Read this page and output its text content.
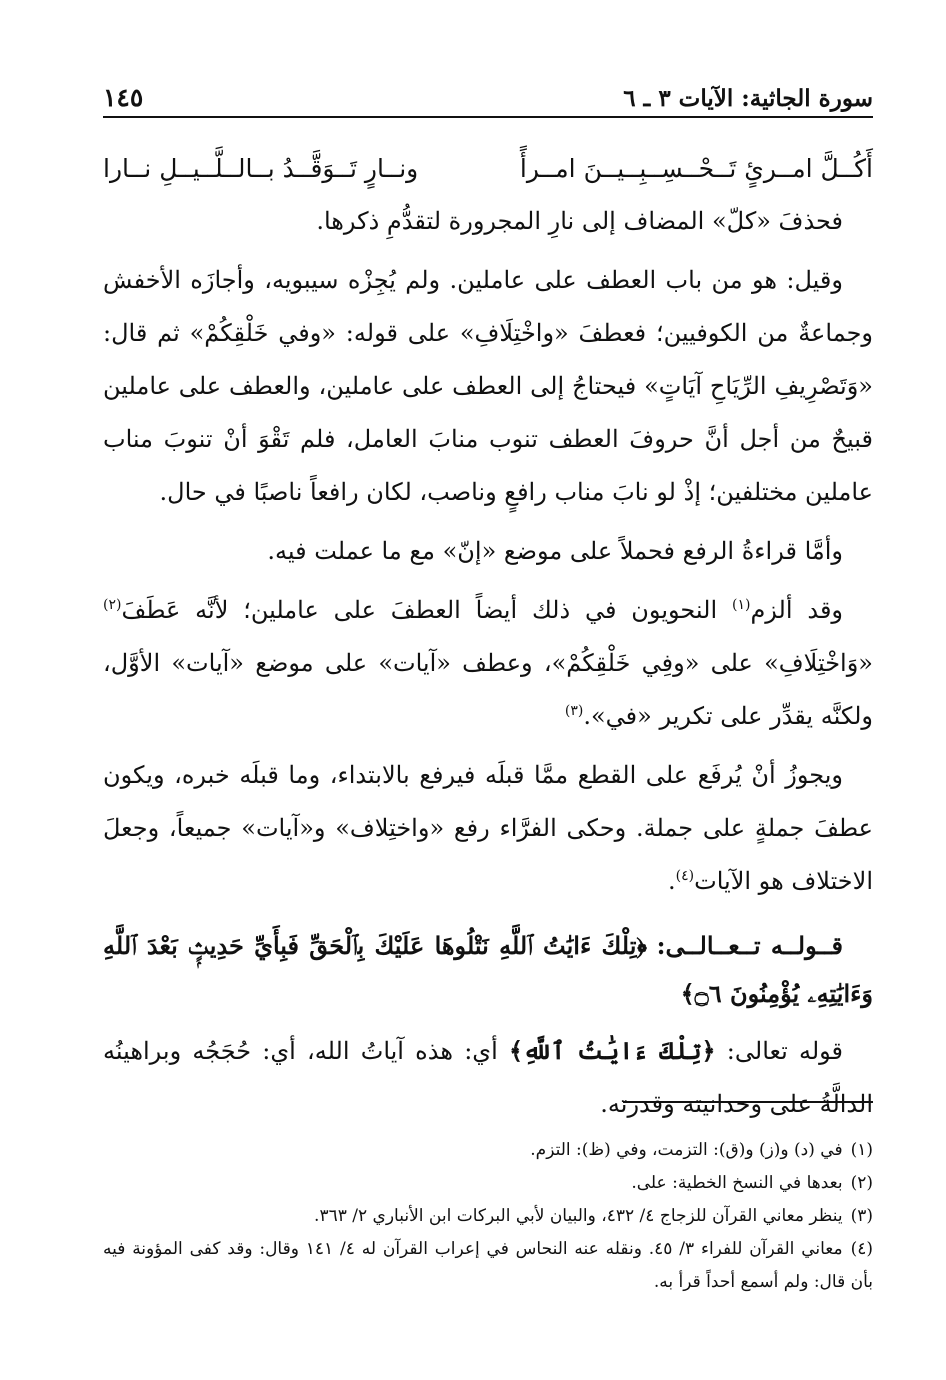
سورة الجاثية: الآيات ٣ ـ ٦
١٤٥
أَكُــلَّ امــرئٍ تَــحْــسِــبِــيــنَ امــرأً
ونــارٍ تَــوَقَّــدُ بــالــلَّــيــلِ نــارا

فحذفَ «كلّ» المضاف إلى نارِ المجرورة لتقدُّمِ ذكرها.

وقيل: هو من باب العطف على عاملين. ولم يُجِزْه سيبويه، وأجازَه الأخفش وجماعةٌ من الكوفيين؛ فعطفَ «واخْتِلَافِ» على قوله: «وفي خَلْقِكُمْ» ثم قال: «وَتَصْرِيفِ الرِّيَاحِ آيَاتٍ» فيحتاجُ إلى العطف على عاملين، والعطف على عاملين قبيحٌ من أجل أنَّ حروفَ العطف تنوب منابَ العامل، فلم تَقْوَ أنْ تنوبَ مناب عاملين مختلفين؛ إذْ لو نابَ مناب رافعٍ وناصب، لكان رافعاً ناصبًا في حال.

وأمَّا قراءةُ الرفع فحملاً على موضع «إنّ» مع ما عملت فيه.

وقد ألزم$^{(١)}$ النحويون في ذلك أيضاً العطفَ على عاملين؛ لأنَّه عَطَفَ$^{(٢)}$ «وَاخْتِلَافِ» على «وفِي خَلْقِكُمْ»، وعطف «آيات» على موضع «آيات» الأوَّل، ولكنَّه يقدِّر على تكرير «في».$^{(٣)}$

ويجوزُ أنْ يُرفَع على القطع ممَّا قبلَه فيرفع بالابتداء، وما قبلَه خبره، ويكون عطفَ جملةٍ على جملة. وحكى الفرَّاء رفع «واختِلاف» و«آيات» جميعاً، وجعلَ الاختلاف هو الآيات$^{(٤)}$.

قــولــه تــعــالــى: ﴿تِلْكَ ءَايَٰتُ ٱللَّهِ نَتْلُوهَا عَلَيْكَ بِٱلْحَقِّ فَبِأَيِّ حَدِيثٍۭ بَعْدَ ٱللَّهِ وَءَايَٰتِهِۦ يُؤْمِنُونَ ۝٦﴾

قوله تعالى: ﴿تِلْكَ ءَايَٰتُ ٱللَّهِ﴾ أي: هذه آياتُ الله، أي: حُجَجُه وبراهينُه الدالَّةُ على وحدانيته وقدرته.

(١)في (د) و(ز) و(ق): التزمت، وفي (ظ): التزم.

(٢)بعدها في النسخ الخطية: على.

(٣)ينظر معاني القرآن للزجاج ٤/ ٤٣٢، والبيان لأبي البركات ابن الأنباري ٢/ ٣٦٣.

(٤)معاني القرآن للفراء ٣/ ٤٥. ونقله عنه النحاس في إعراب القرآن له ٤/ ١٤١ وقال: وقد كفى المؤونة فيه بأن قال: ولم أسمع أحداً قرأ به.
